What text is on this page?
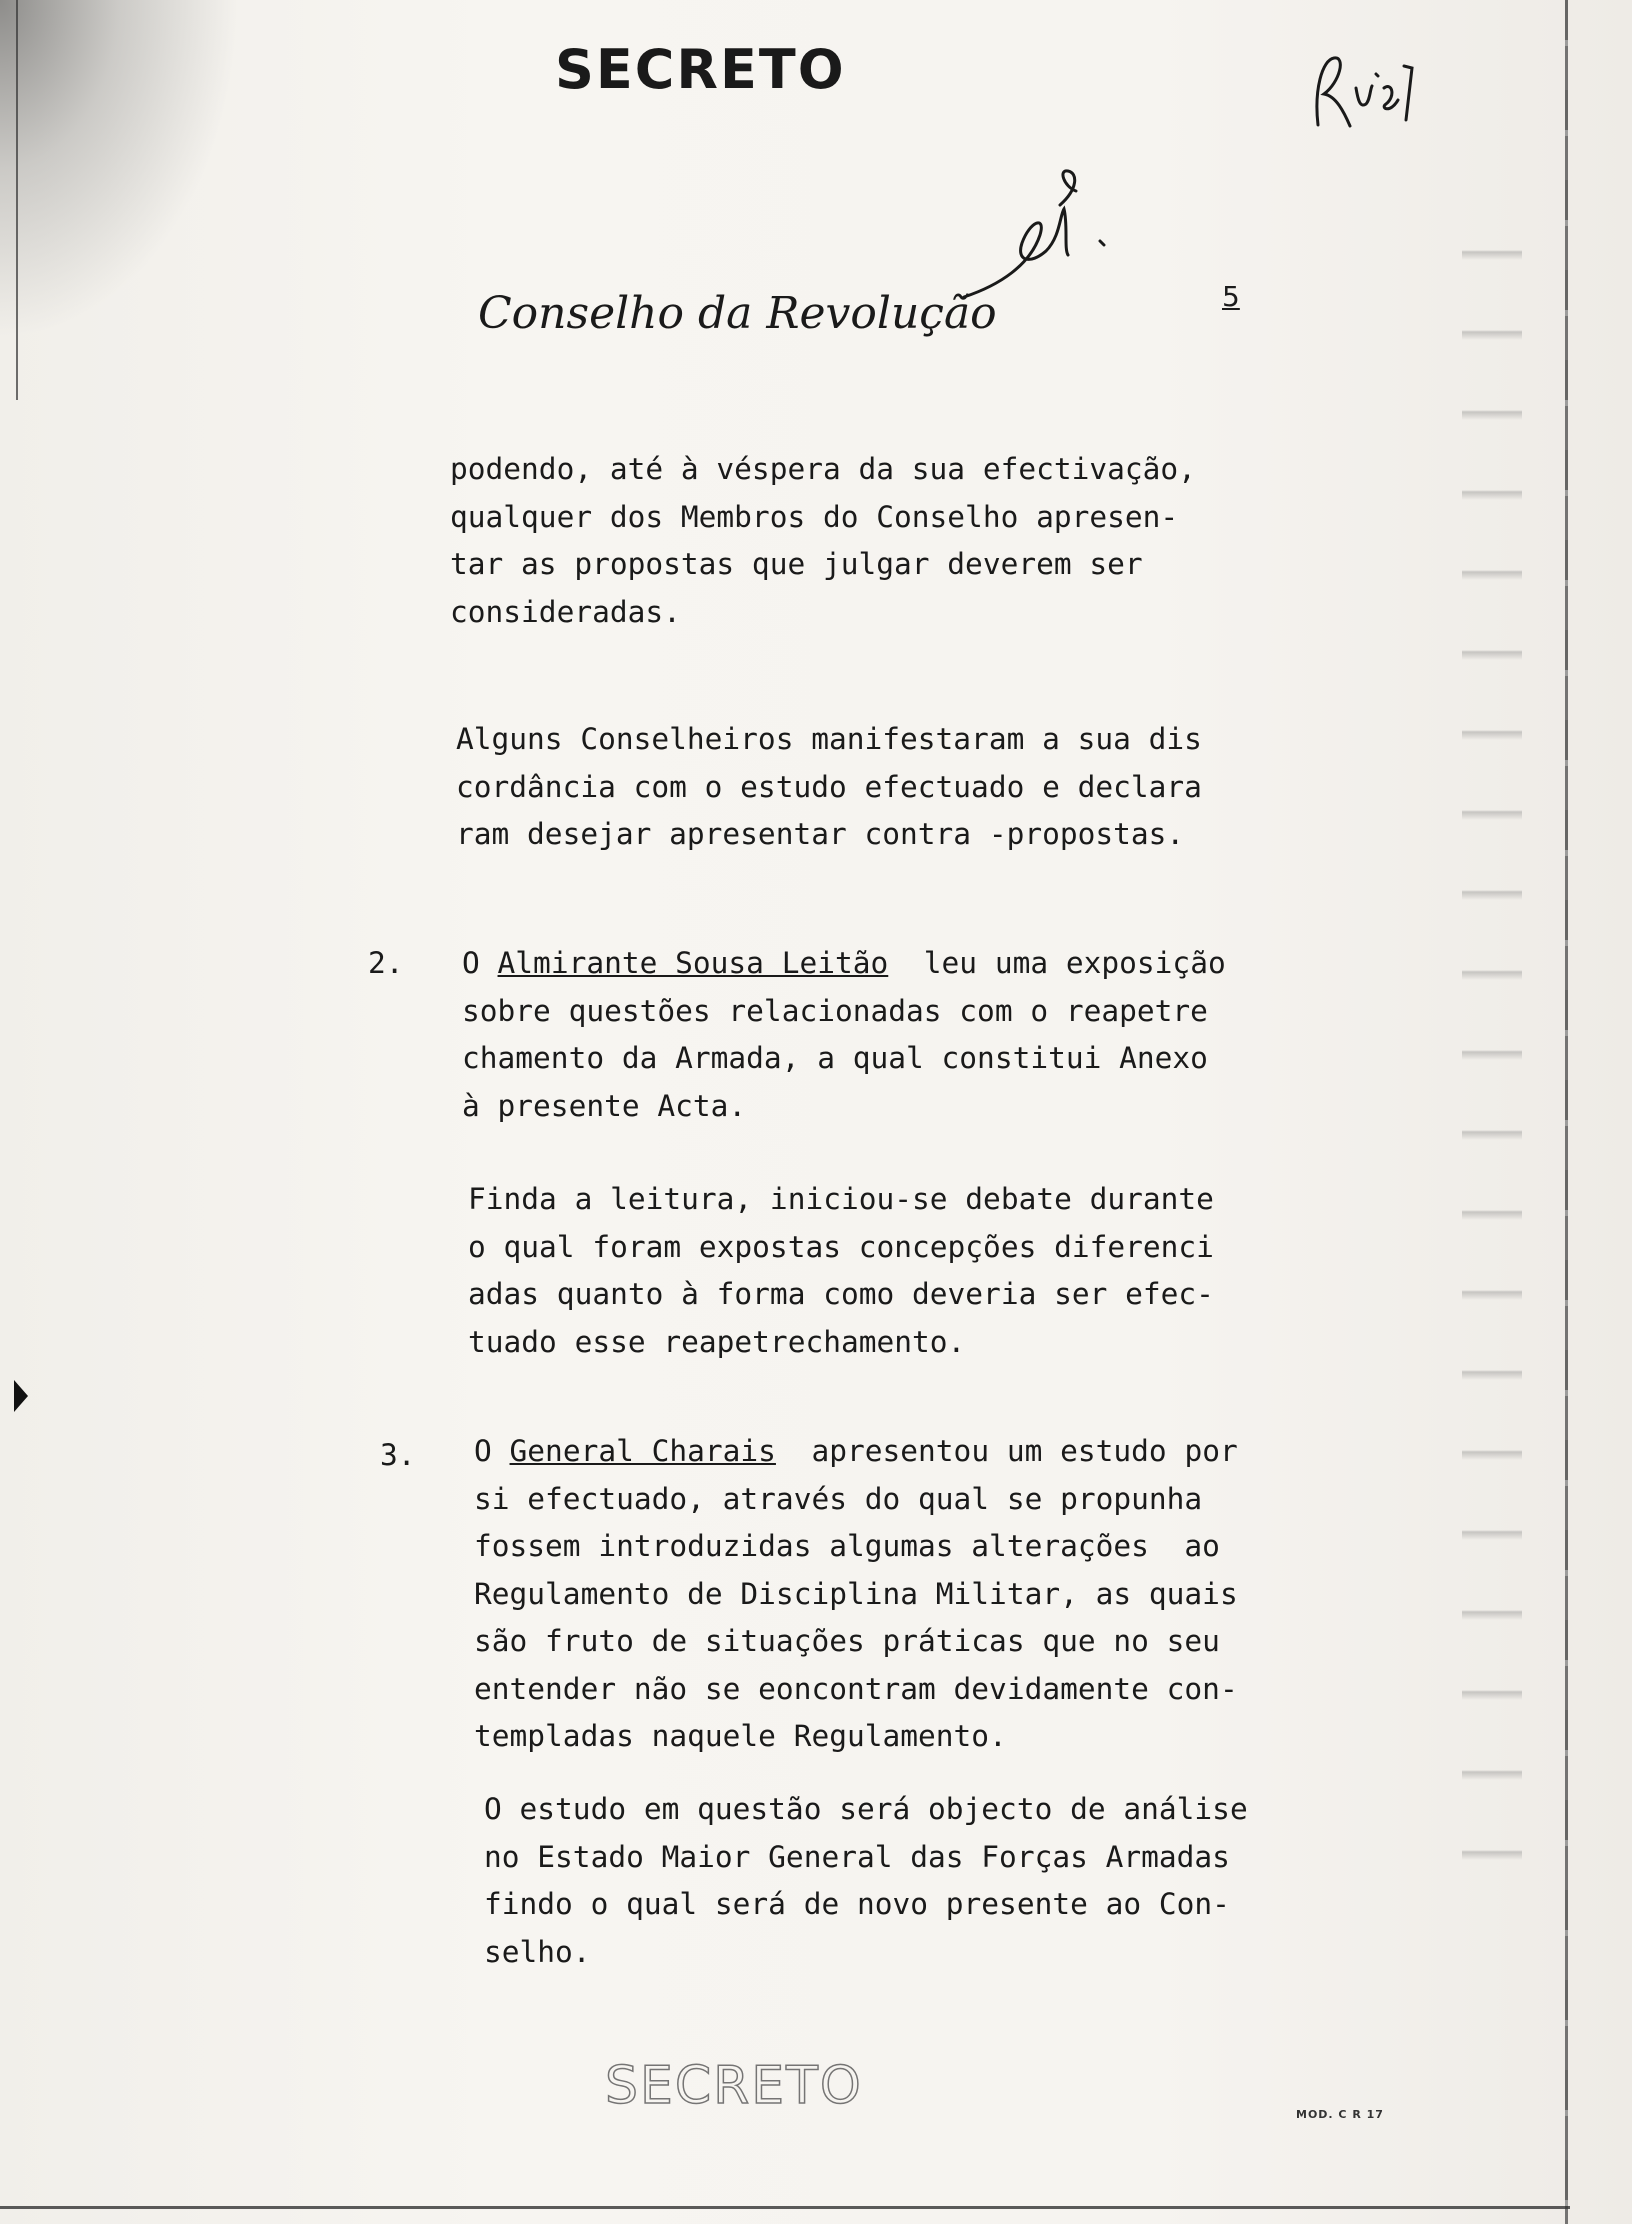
SECRETO
Conselho da Revolução	5
podendo, até à véspera da sua efectivação,
qualquer dos Membros do Conselho apresen-
tar as propostas que julgar deverem ser
consideradas.
Alguns Conselheiros manifestaram a sua dis
cordância com o estudo efectuado e declara
ram desejar apresentar contra -propostas.
2. O Almirante Sousa Leitão  leu uma exposição
sobre questões relacionadas com o reapetre
chamento da Armada, a qual constitui Anexo
à presente Acta.
Finda a leitura, iniciou-se debate durante
o qual foram expostas concepções diferenci
adas quanto à forma como deveria ser efec-
tuado esse reapetrechamento.
3. O General Charais  apresentou um estudo por
si efectuado, através do qual se propunha
fossem introduzidas algumas alterações  ao
Regulamento de Disciplina Militar, as quais
são fruto de situações práticas que no seu
entender não se eoncontram devidamente con-
templadas naquele Regulamento.
O estudo em questão será objecto de análise
no Estado Maior General das Forças Armadas
findo o qual será de novo presente ao Con-
selho.
SECRETO	MOD. C R 17
